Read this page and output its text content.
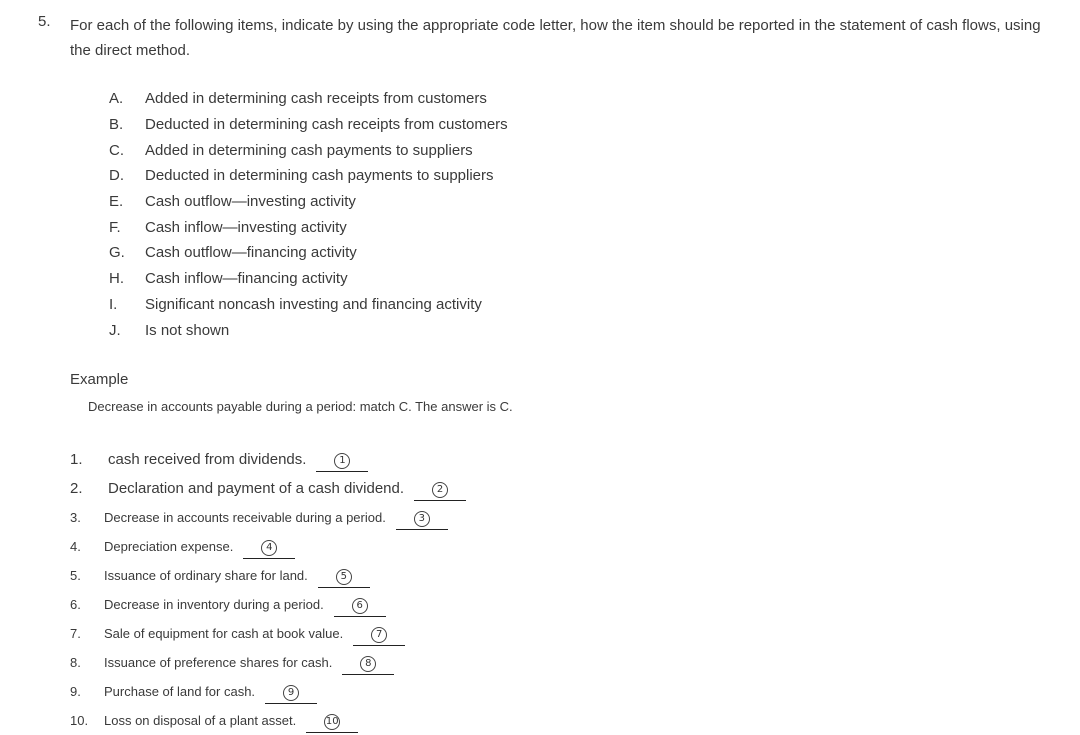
5. For each of the following items, indicate by using the appropriate code letter, how the item should be reported in the statement of cash flows, using the direct method.
A.	Added in determining cash receipts from customers
B.	Deducted in determining cash receipts from customers
C.	Added in determining cash payments to suppliers
D.	Deducted in determining cash payments to suppliers
E.	Cash outflow—investing activity
F.	Cash inflow—investing activity
G.	Cash outflow—financing activity
H.	Cash inflow—financing activity
I.	Significant noncash investing and financing activity
J.	Is not shown
Example
Decrease in accounts payable during a period: match C. The answer is C.
1.	cash received from dividends.	1
2.	Declaration and payment of a cash dividend.	2
3.	Decrease in accounts receivable during a period.	3
4.	Depreciation expense.	4
5.	Issuance of ordinary share for land.	5
6.	Decrease in inventory during a period.	6
7.	Sale of equipment for cash at book value.	7
8.	Issuance of preference shares for cash.	8
9.	Purchase of land for cash.	9
10.	Loss on disposal of a plant asset.	10
